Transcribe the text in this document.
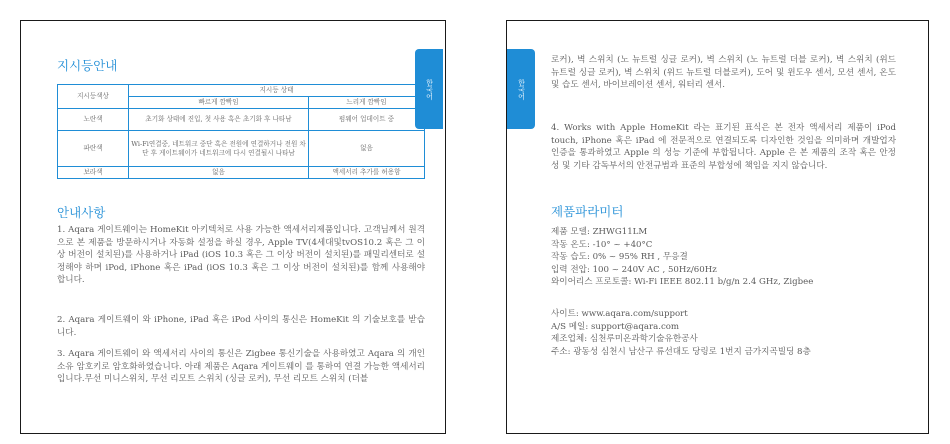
한국어
지시등안내
지시등색상	지시등 상태	
	빠르게 깜빡임	느리게 깜빡임
노란색	초기화 상태에 진입, 첫 사용 혹은 초기화 후 나타남	펌웨어 업데이트 중
파란색	Wi-Fi연결중, 네트워크 중단 혹은 전원에 연결하거나 전원 차단 후 게이트웨이가 네트워크에 다시 연결될시 나타남	없음
보라색	없음	액세서리 추가를 허용함
안내사항

1. Aqara 게이트웨이는 HomeKit 아키텍처로 사용 가능한 액세서리제품입니다. 고객님께서 원격으로 본 제품을 방문하시거나 자동화 설정을 하실 경우, Apple TV(4세대및tvOS10.2 혹은 그 이상 버전이 설치된)를 사용하거나 iPad (iOS 10.3 혹은 그 이상 버전이 설치된)를 패밀리센터로 설정해야 하며 iPod, iPhone 혹은 iPad (iOS 10.3 혹은 그 이상 버전이 설치된)를 함께 사용해야 합니다.

2. Aqara 게이트웨이 와 iPhone, iPad 혹은 iPod 사이의 통신은 HomeKit 의 기술보호를 받습니다.

3. Aqara 게이트웨이 와 액세서리 사이의 통신은 Zigbee 통신기술을 사용하였고 Aqara 의 개인소유 암호키로 암호화하였습니다. 아래 제품은 Aqara 게이트웨이 를 통하여 연결 가능한 액세서리입니다.무선 미니스위치, 무선 리모트 스위치 (싱글 로커), 무선 리모트 스위치 (더블

한국어

로커), 벽 스위치 (노 뉴트럴 싱글 로커), 벽 스위치 (노 뉴트럴 더블 로커), 벽 스위치 (위드 뉴트럴 싱글 로커), 벽 스위치 (위드 뉴트럴 더블로커), 도어 및 윈도우 센서, 모션 센서, 온도 및 습도 센서, 바이브레이션 센서, 워터리 센서.

4. Works with Apple HomeKit 라는 표기된 표식은 본 전자 액세서리 제품이 iPod touch, iPhone 혹은 iPad 에 전문적으로 연결되도록 디자인한 것임을 의미하며 개발업자 인증을 통과하였고 Apple 의 성능 기준에 부합됩니다. Apple 은 본 제품의 조작 혹은 안정성 및 기타 감독부서의 안전규범과 표준의 부합성에 책임을 지지 않습니다.

제품파라미터

제품 모델: ZHWG11LM

작동 온도: -10° ~ +40°C

작동 습도: 0% ~ 95% RH , 무응결

입력 전압: 100 ~ 240V AC , 50Hz/60Hz

와이어리스 프로토콜: Wi-Fi IEEE 802.11 b/g/n 2.4 GHz, Zigbee

사이트: www.aqara.com/support

A/S 메일: support@aqara.com

제조업체: 심천루미온과학기술유한공사

주소: 광동성 심천시 남산구 류선대도 당링로 1번지 금가지곡빌딩 8층
